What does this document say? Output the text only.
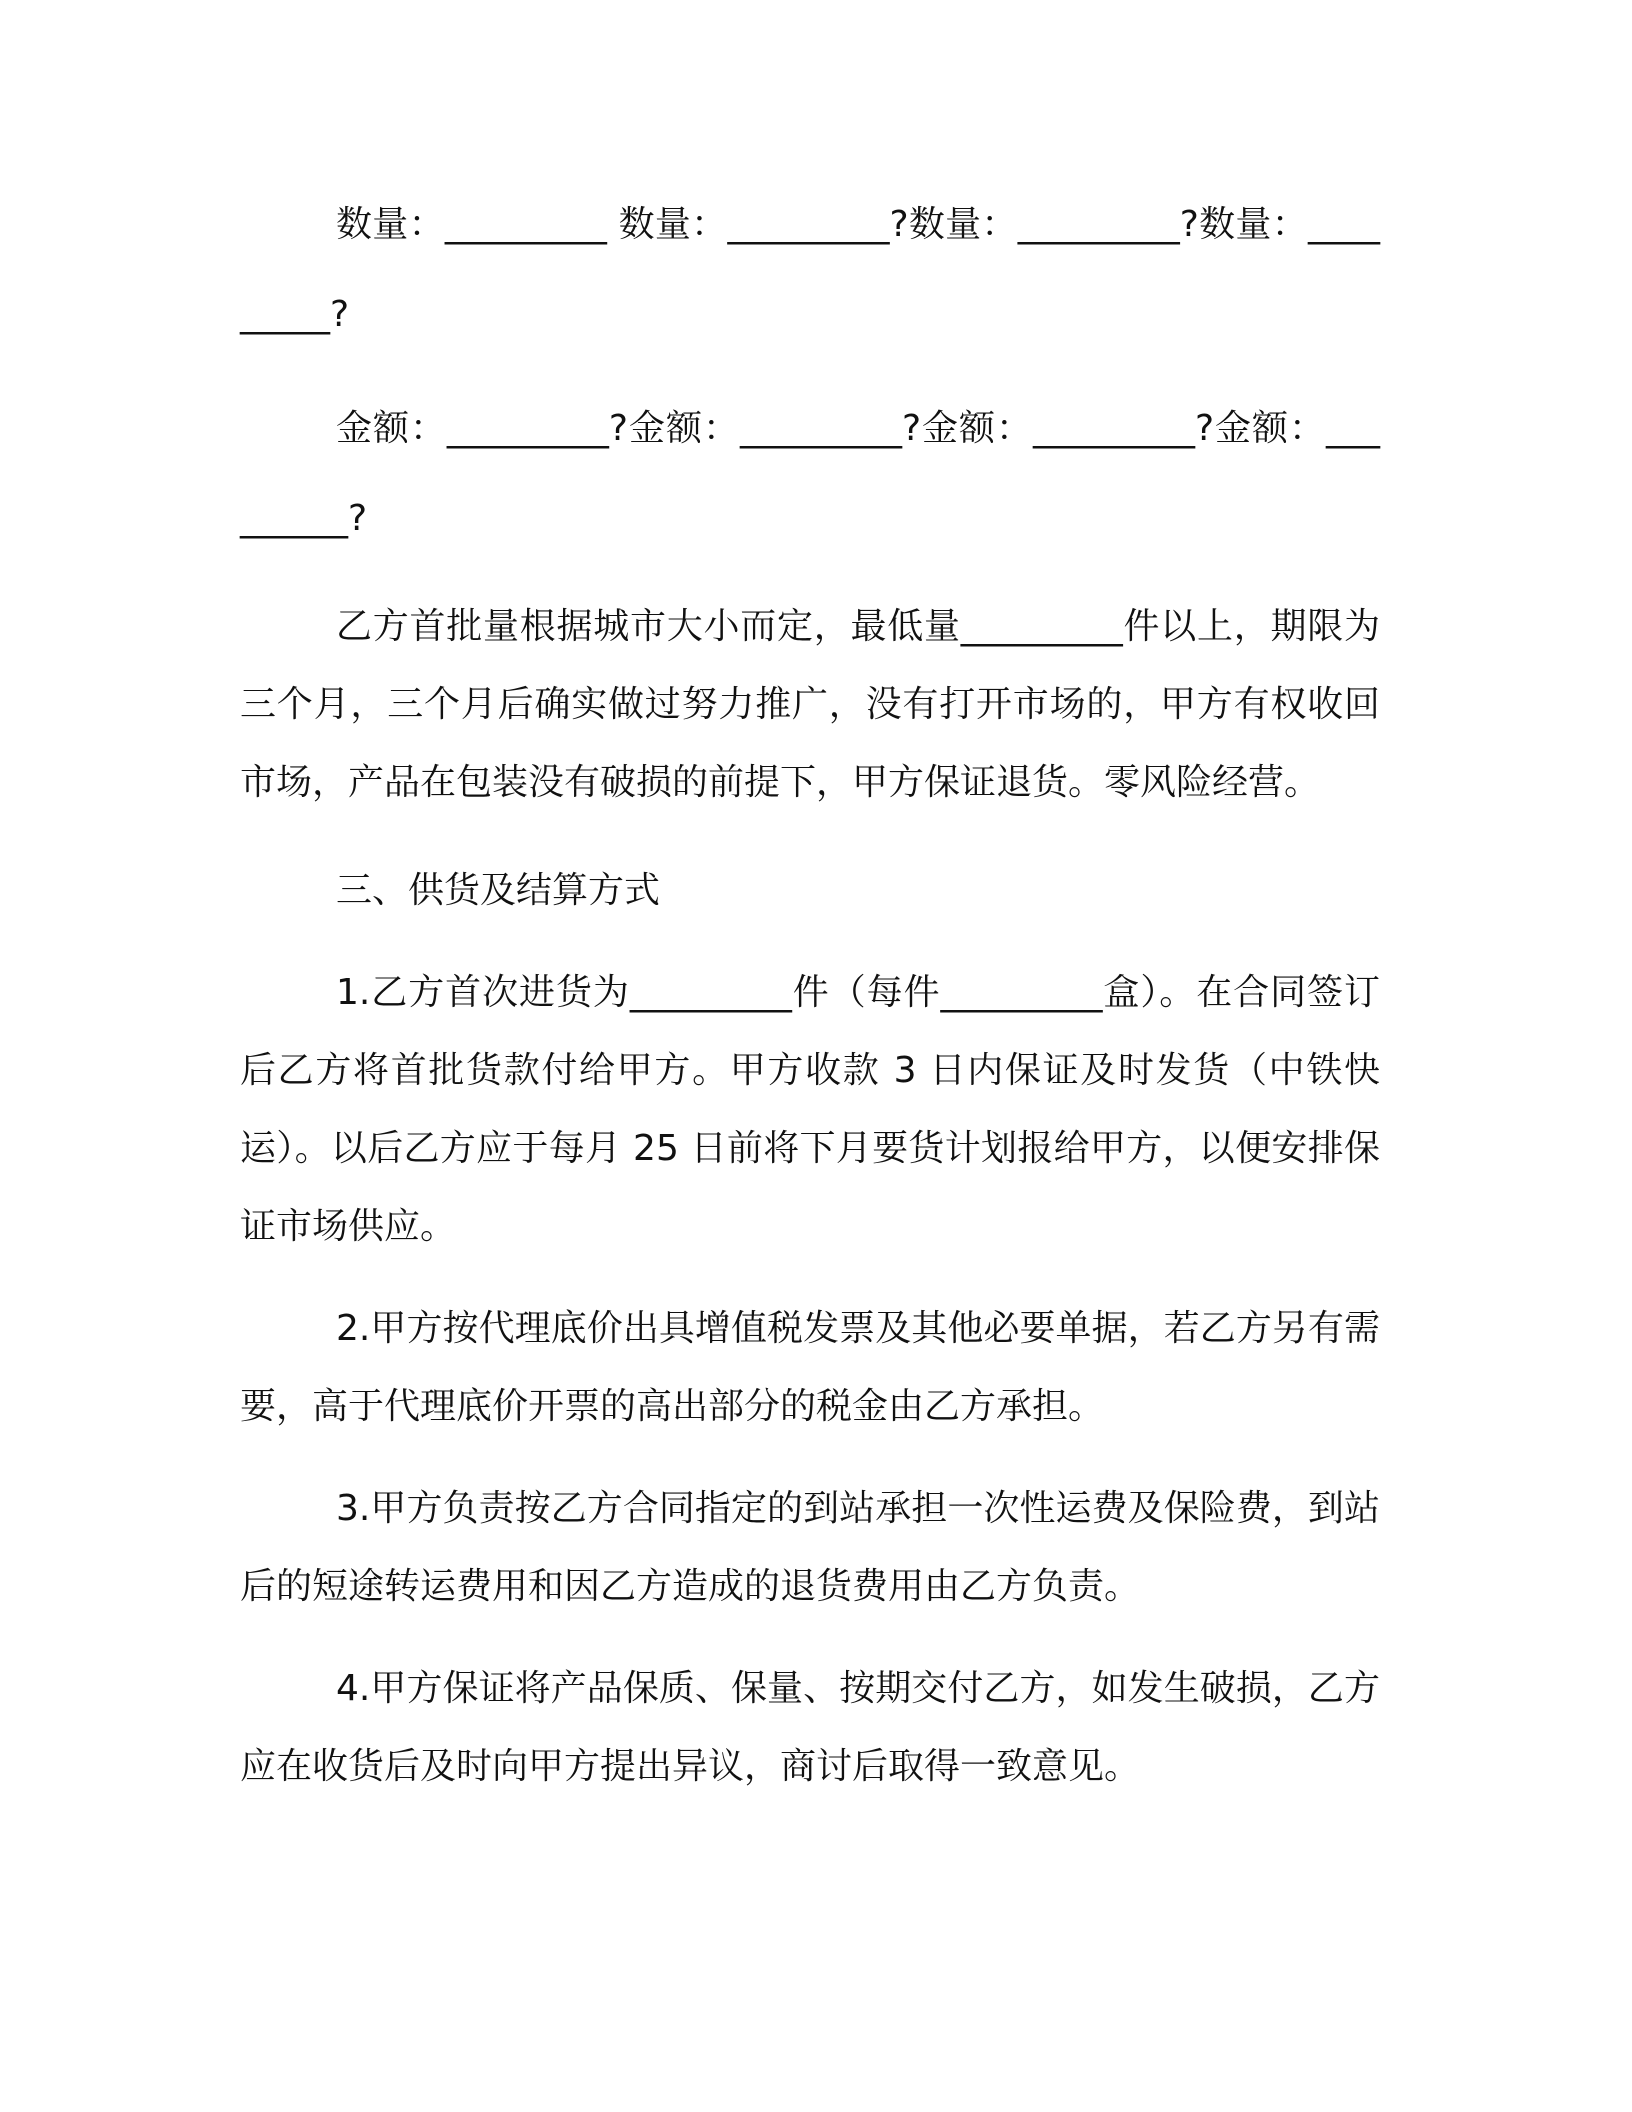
数量：_________ 数量：_________?数量：_________?数量：_________?

金额：_________?金额：_________?金额：_________?金额：_________?

乙方首批量根据城市大小而定，最低量_________件以上，期限为三个月，三个月后确实做过努力推广，没有打开市场的，甲方有权收回市场，产品在包装没有破损的前提下，甲方保证退货。零风险经营。

三、供货及结算方式

1.乙方首次进货为_________件（每件_________盒）。在合同签订后乙方将首批货款付给甲方。甲方收款 3 日内保证及时发货（中铁快运）。以后乙方应于每月 25 日前将下月要货计划报给甲方，以便安排保证市场供应。

2.甲方按代理底价出具增值税发票及其他必要单据，若乙方另有需要，高于代理底价开票的高出部分的税金由乙方承担。

3.甲方负责按乙方合同指定的到站承担一次性运费及保险费，到站后的短途转运费用和因乙方造成的退货费用由乙方负责。

4.甲方保证将产品保质、保量、按期交付乙方，如发生破损，乙方应在收货后及时向甲方提出异议，商讨后取得一致意见。
